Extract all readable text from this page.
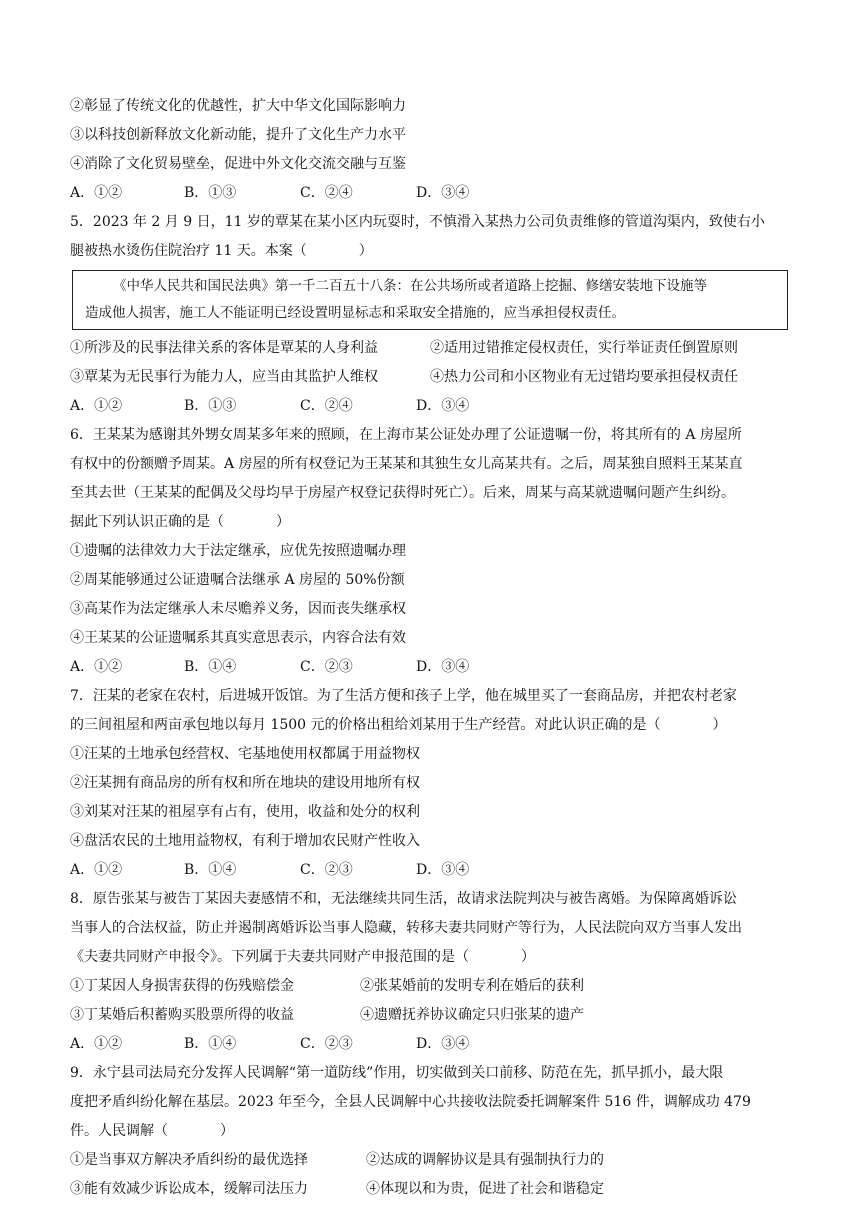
②彰显了传统文化的优越性，扩大中华文化国际影响力
③以科技创新释放文化新动能，提升了文化生产力水平
④消除了文化贸易壁垒，促进中外文化交流交融与互鉴
A．①②	B．①③	C．②④	D．③④
5．2023 年 2 月 9 日，11 岁的覃某在某小区内玩耍时，不慎滑入某热力公司负责维修的管道沟渠内，致使右小
腿被热水烫伤住院治疗 11 天。本案（	）
《中华人民共和国民法典》第一千二百五十八条：在公共场所或者道路上挖掘、修缮安装地下设施等
造成他人损害，施工人不能证明已经设置明显标志和采取安全措施的，应当承担侵权责任。
①所涉及的民事法律关系的客体是覃某的人身利益	②适用过错推定侵权责任，实行举证责任倒置原则
③覃某为无民事行为能力人，应当由其监护人维权	④热力公司和小区物业有无过错均要承担侵权责任
A．①②	B．①③	C．②④	D．③④
6．王某某为感谢其外甥女周某多年来的照顾，在上海市某公证处办理了公证遗嘱一份，将其所有的 A 房屋所
有权中的份额赠予周某。A 房屋的所有权登记为王某某和其独生女儿高某共有。之后，周某独自照料王某某直
至其去世（王某某的配偶及父母均早于房屋产权登记获得时死亡）。后来，周某与高某就遗嘱问题产生纠纷。
据此下列认识正确的是（	）
①遗嘱的法律效力大于法定继承，应优先按照遗嘱办理
②周某能够通过公证遗嘱合法继承 A 房屋的 50%份额
③高某作为法定继承人未尽赡养义务，因而丧失继承权
④王某某的公证遗嘱系其真实意思表示，内容合法有效
A．①②	B．①④	C．②③	D．③④
7．汪某的老家在农村，后进城开饭馆。为了生活方便和孩子上学，他在城里买了一套商品房，并把农村老家
的三间祖屋和两亩承包地以每月 1500 元的价格出租给刘某用于生产经营。对此认识正确的是（	）
①汪某的土地承包经营权、宅基地使用权都属于用益物权
②汪某拥有商品房的所有权和所在地块的建设用地所有权
③刘某对汪某的祖屋享有占有，使用，收益和处分的权利
④盘活农民的土地用益物权，有利于增加农民财产性收入
A．①②	B．①④	C．②③	D．③④
8．原告张某与被告丁某因夫妻感情不和，无法继续共同生活，故请求法院判决与被告离婚。为保障离婚诉讼
当事人的合法权益，防止并遏制离婚诉讼当事人隐藏，转移夫妻共同财产等行为，人民法院向双方当事人发出
《夫妻共同财产申报令》。下列属于夫妻共同财产申报范围的是（	）
①丁某因人身损害获得的伤残赔偿金	②张某婚前的发明专利在婚后的获利
③丁某婚后积蓄购买股票所得的收益	④遗赠抚养协议确定只归张某的遗产
A．①②	B．①④	C．②③	D．③④
9．永宁县司法局充分发挥人民调解“第一道防线”作用，切实做到关口前移、防范在先，抓早抓小，最大限
度把矛盾纠纷化解在基层。2023 年至今，全县人民调解中心共接收法院委托调解案件 516 件，调解成功 479
件。人民调解（	）
①是当事双方解决矛盾纠纷的最优选择	②达成的调解协议是具有强制执行力的
③能有效减少诉讼成本，缓解司法压力	④体现以和为贵，促进了社会和谐稳定
